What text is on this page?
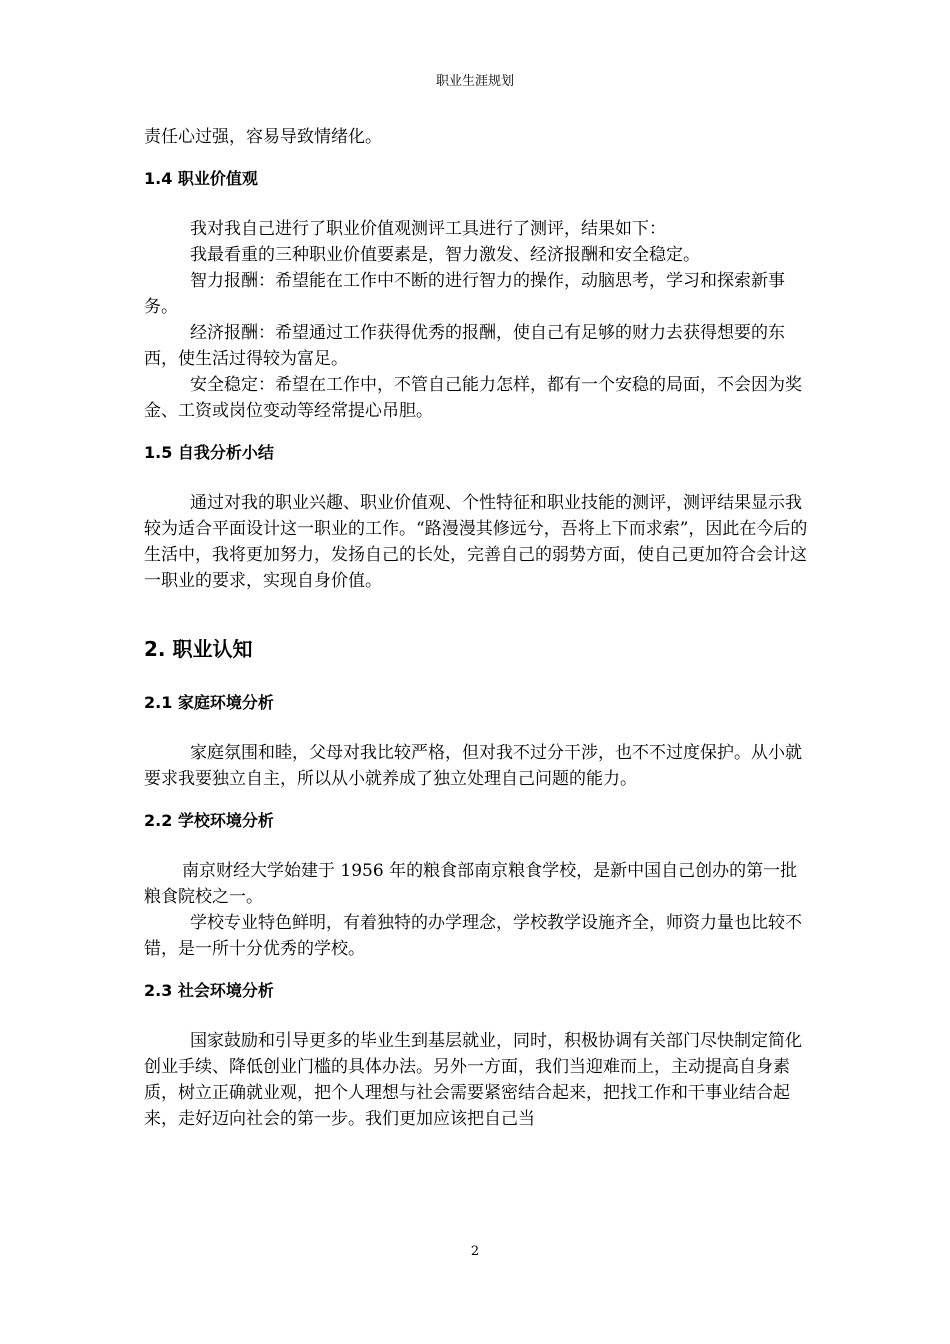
职业生涯规划

责任心过强，容易导致情绪化。

1.4 职业价值观

我对我自己进行了职业价值观测评工具进行了测评，结果如下：

我最看重的三种职业价值要素是，智力激发、经济报酬和安全稳定。

智力报酬：希望能在工作中不断的进行智力的操作，动脑思考，学习和探索新事务。

经济报酬：希望通过工作获得优秀的报酬，使自己有足够的财力去获得想要的东西，使生活过得较为富足。

安全稳定：希望在工作中，不管自己能力怎样，都有一个安稳的局面，不会因为奖金、工资或岗位变动等经常提心吊胆。

1.5 自我分析小结

通过对我的职业兴趣、职业价值观、个性特征和职业技能的测评，测评结果显示我较为适合平面设计这一职业的工作。“路漫漫其修远兮，吾将上下而求索”，因此在今后的生活中，我将更加努力，发扬自己的长处，完善自己的弱势方面，使自己更加符合会计这一职业的要求，实现自身价值。

2. 职业认知
2.1 家庭环境分析

家庭氛围和睦，父母对我比较严格，但对我不过分干涉，也不不过度保护。从小就要求我要独立自主，所以从小就养成了独立处理自己问题的能力。

2.2 学校环境分析

南京财经大学始建于 1956 年的粮食部南京粮食学校，是新中国自己创办的第一批粮食院校之一。

学校专业特色鲜明，有着独特的办学理念，学校教学设施齐全，师资力量也比较不错，是一所十分优秀的学校。

2.3 社会环境分析

国家鼓励和引导更多的毕业生到基层就业，同时，积极协调有关部门尽快制定简化创业手续、降低创业门槛的具体办法。另外一方面，我们当迎难而上，主动提高自身素质，树立正确就业观，把个人理想与社会需要紧密结合起来，把找工作和干事业结合起来，走好迈向社会的第一步。我们更加应该把自己当

2
